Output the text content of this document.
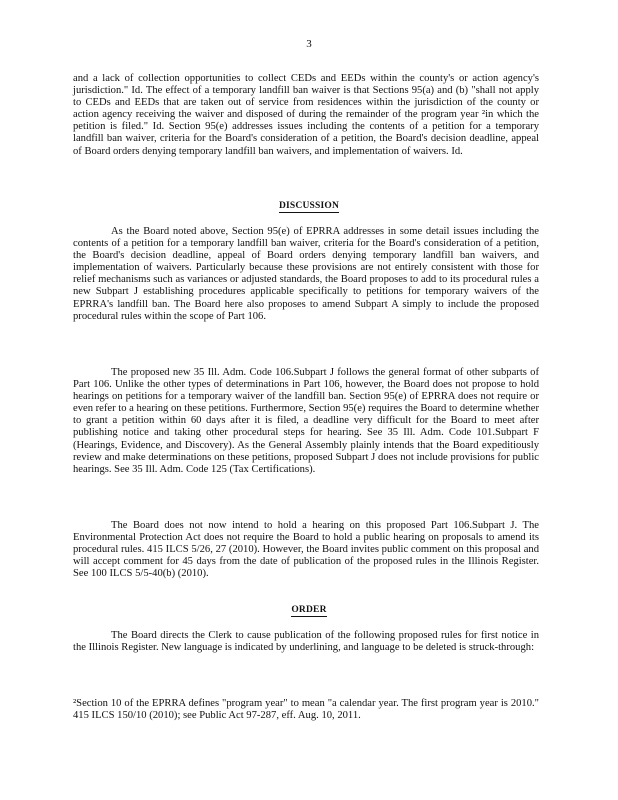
3

and a lack of collection opportunities to collect CEDs and EEDs within the county's or action agency's jurisdiction." Id. The effect of a temporary landfill ban waiver is that Sections 95(a) and (b) "shall not apply to CEDs and EEDs that are taken out of service from residences within the jurisdiction of the county or action agency receiving the waiver and disposed of during the remainder of the program year ²in which the petition is filed." Id. Section 95(e) addresses issues including the contents of a petition for a temporary landfill ban waiver, criteria for the Board's consideration of a petition, the Board's decision deadline, appeal of Board orders denying temporary landfill ban waivers, and implementation of waivers. Id.

DISCUSSION

As the Board noted above, Section 95(e) of EPRRA addresses in some detail issues including the contents of a petition for a temporary landfill ban waiver, criteria for the Board's consideration of a petition, the Board's decision deadline, appeal of Board orders denying temporary landfill ban waivers, and implementation of waivers. Particularly because these provisions are not entirely consistent with those for relief mechanisms such as variances or adjusted standards, the Board proposes to add to its procedural rules a new Subpart J establishing procedures applicable specifically to petitions for temporary waivers of the EPRRA's landfill ban. The Board here also proposes to amend Subpart A simply to include the proposed procedural rules within the scope of Part 106.

The proposed new 35 Ill. Adm. Code 106.Subpart J follows the general format of other subparts of Part 106. Unlike the other types of determinations in Part 106, however, the Board does not propose to hold hearings on petitions for a temporary waiver of the landfill ban. Section 95(e) of EPRRA does not require or even refer to a hearing on these petitions. Furthermore, Section 95(e) requires the Board to determine whether to grant a petition within 60 days after it is filed, a deadline very difficult for the Board to meet after publishing notice and taking other procedural steps for hearing. See 35 Ill. Adm. Code 101.Subpart F (Hearings, Evidence, and Discovery). As the General Assembly plainly intends that the Board expeditiously review and make determinations on these petitions, proposed Subpart J does not include provisions for public hearings. See 35 Ill. Adm. Code 125 (Tax Certifications).

The Board does not now intend to hold a hearing on this proposed Part 106.Subpart J. The Environmental Protection Act does not require the Board to hold a public hearing on proposals to amend its procedural rules. 415 ILCS 5/26, 27 (2010). However, the Board invites public comment on this proposal and will accept comment for 45 days from the date of publication of the proposed rules in the Illinois Register. See 100 ILCS 5/5-40(b) (2010).

ORDER

The Board directs the Clerk to cause publication of the following proposed rules for first notice in the Illinois Register. New language is indicated by underlining, and language to be deleted is struck-through:

²Section 10 of the EPRRA defines "program year" to mean "a calendar year. The first program year is 2010." 415 ILCS 150/10 (2010); see Public Act 97-287, eff. Aug. 10, 2011.
